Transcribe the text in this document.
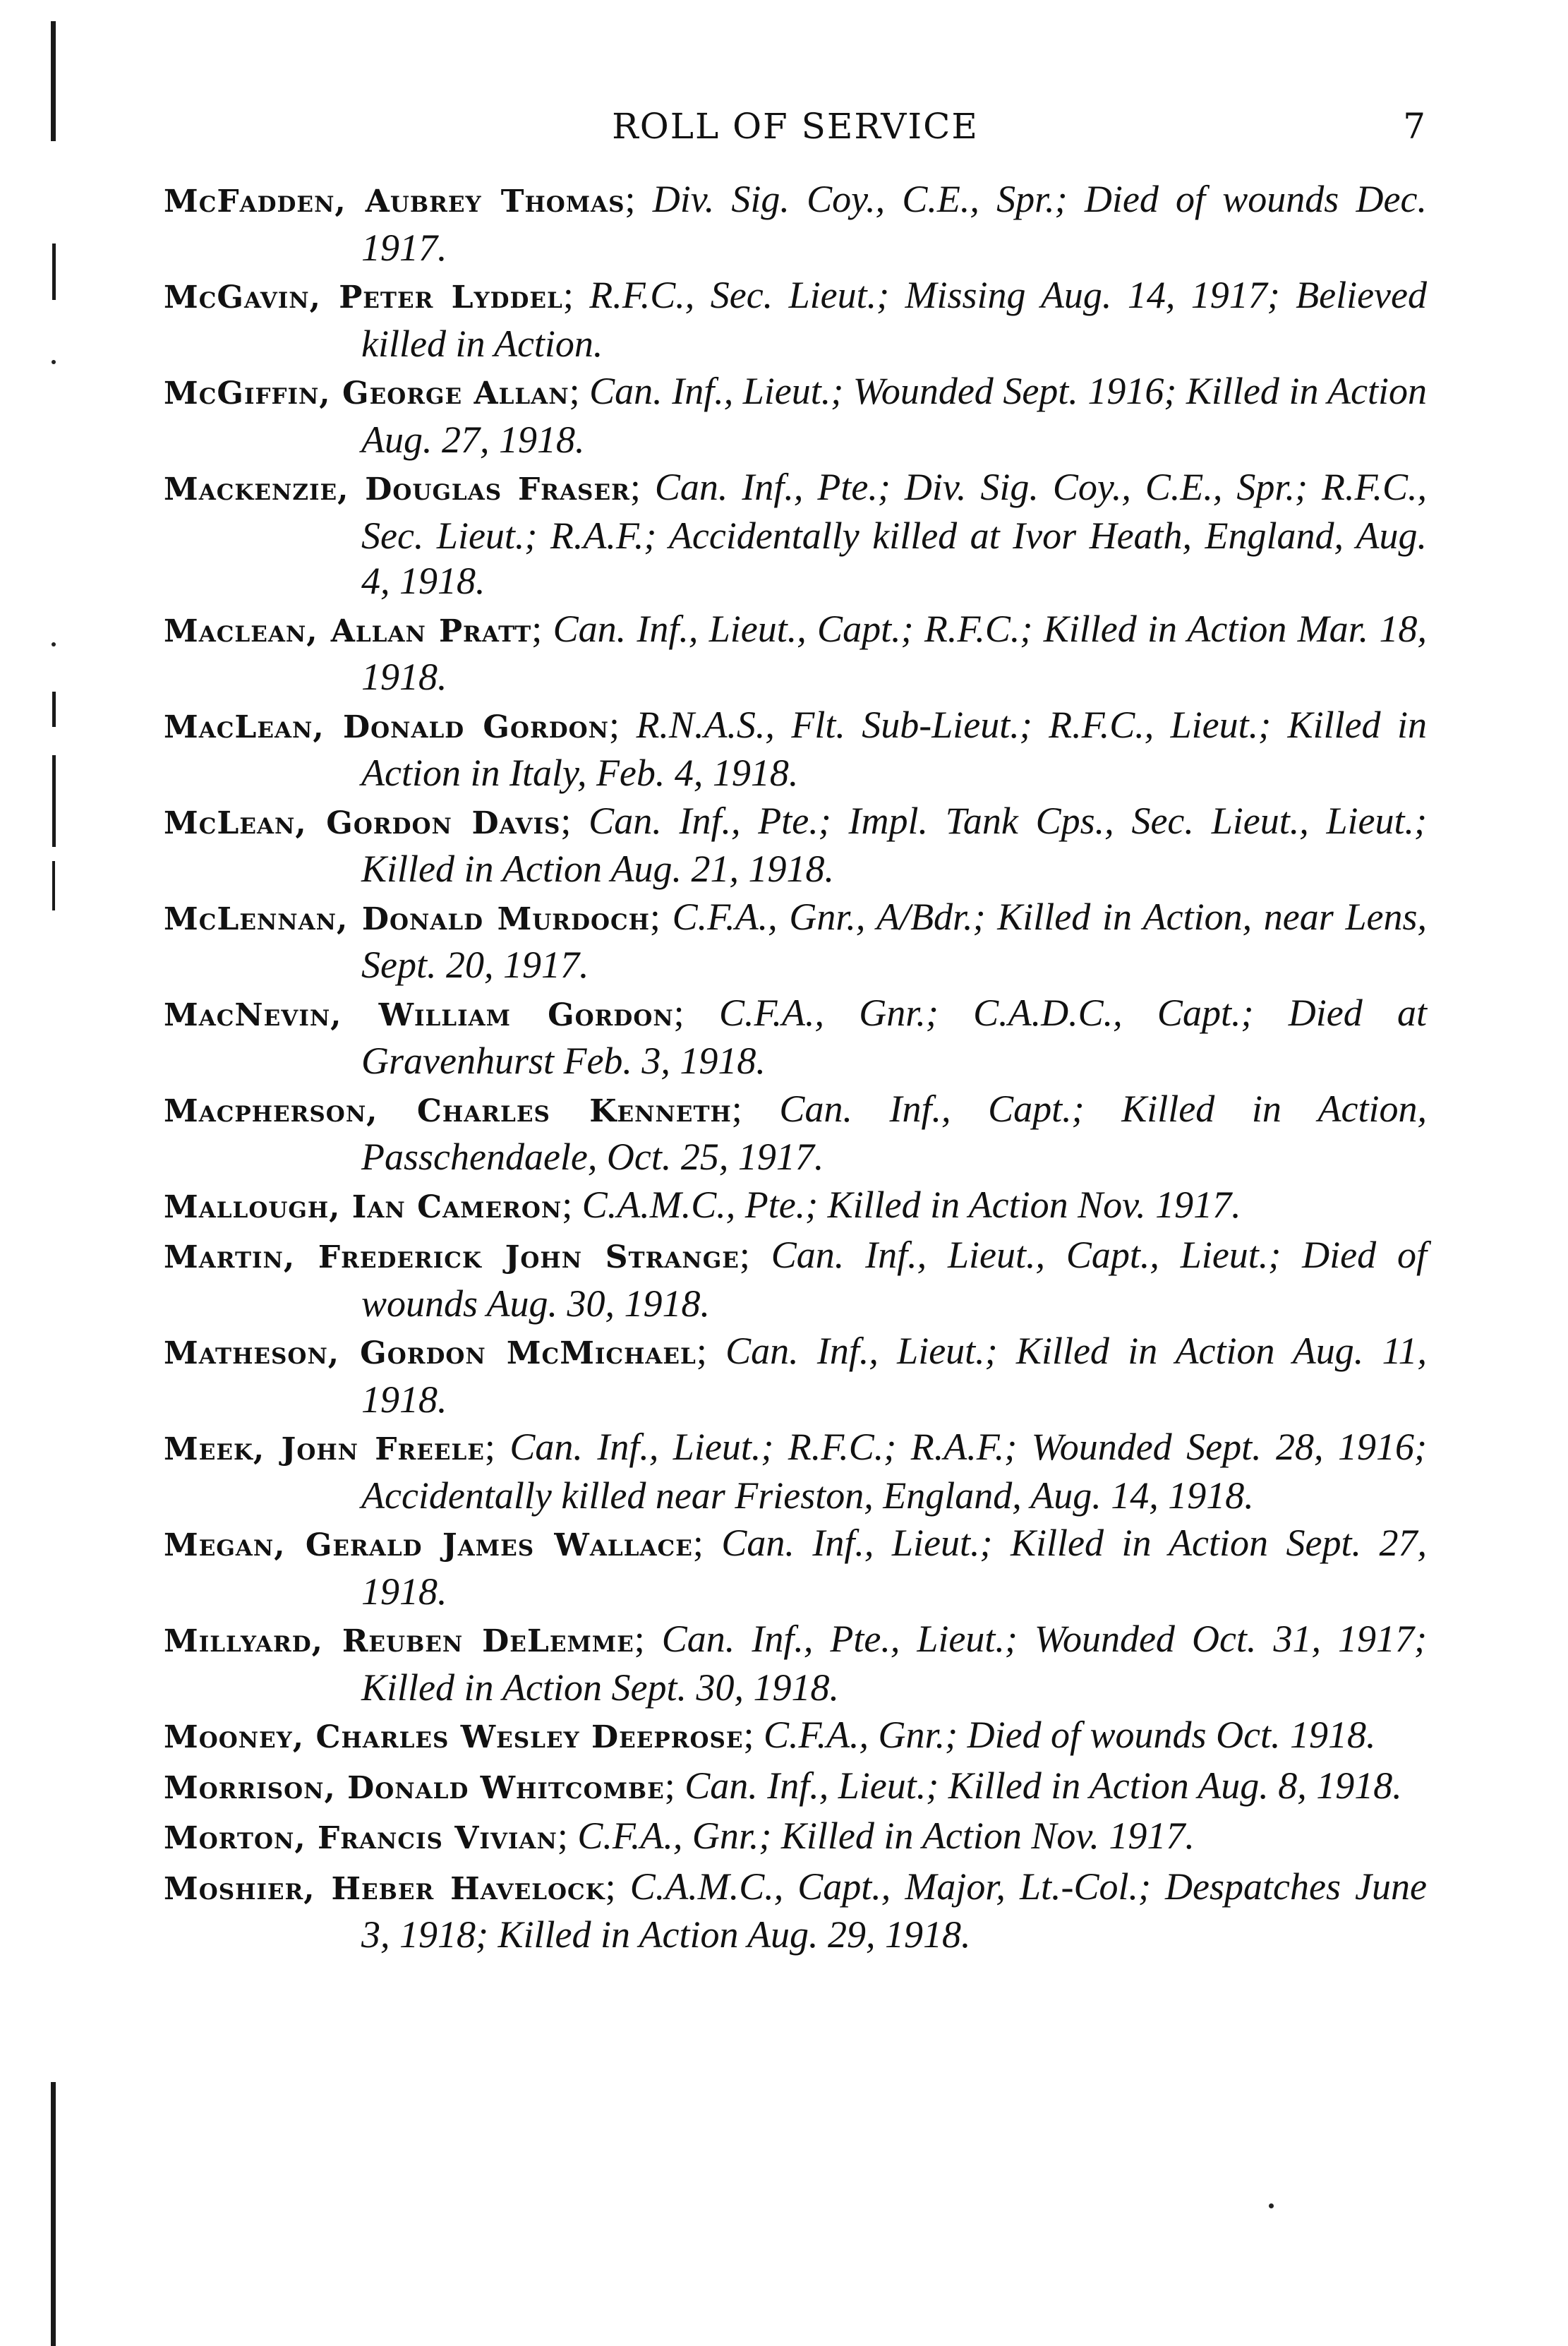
ROLL OF SERVICE	7

McFadden, Aubrey Thomas; Div. Sig. Coy., C.E., Spr.; Died of wounds Dec. 1917.

McGavin, Peter Lyddel; R.F.C., Sec. Lieut.; Missing Aug. 14, 1917; Believed killed in Action.

McGiffin, George Allan; Can. Inf., Lieut.; Wounded Sept. 1916; Killed in Action Aug. 27, 1918.

Mackenzie, Douglas Fraser; Can. Inf., Pte.; Div. Sig. Coy., C.E., Spr.; R.F.C., Sec. Lieut.; R.A.F.; Accidentally killed at Ivor Heath, England, Aug. 4, 1918.

Maclean, Allan Pratt; Can. Inf., Lieut., Capt.; R.F.C.; Killed in Action Mar. 18, 1918.

MacLean, Donald Gordon; R.N.A.S., Flt. Sub-Lieut.; R.F.C., Lieut.; Killed in Action in Italy, Feb. 4, 1918.

McLean, Gordon Davis; Can. Inf., Pte.; Impl. Tank Cps., Sec. Lieut., Lieut.; Killed in Action Aug. 21, 1918.

McLennan, Donald Murdoch; C.F.A., Gnr., A/Bdr.; Killed in Action, near Lens, Sept. 20, 1917.

MacNevin, William Gordon; C.F.A., Gnr.; C.A.D.C., Capt.; Died at Gravenhurst Feb. 3, 1918.

Macpherson, Charles Kenneth; Can. Inf., Capt.; Killed in Action, Passchendaele, Oct. 25, 1917.

Mallough, Ian Cameron; C.A.M.C., Pte.; Killed in Action Nov. 1917.

Martin, Frederick John Strange; Can. Inf., Lieut., Capt., Lieut.; Died of wounds Aug. 30, 1918.

Matheson, Gordon McMichael; Can. Inf., Lieut.; Killed in Action Aug. 11, 1918.

Meek, John Freele; Can. Inf., Lieut.; R.F.C.; R.A.F.; Wounded Sept. 28, 1916; Accidentally killed near Frieston, England, Aug. 14, 1918.

Megan, Gerald James Wallace; Can. Inf., Lieut.; Killed in Action Sept. 27, 1918.

Millyard, Reuben DeLemme; Can. Inf., Pte., Lieut.; Wounded Oct. 31, 1917; Killed in Action Sept. 30, 1918.

Mooney, Charles Wesley Deeprose; C.F.A., Gnr.; Died of wounds Oct. 1918.

Morrison, Donald Whitcombe; Can. Inf., Lieut.; Killed in Action Aug. 8, 1918.

Morton, Francis Vivian; C.F.A., Gnr.; Killed in Action Nov. 1917.

Moshier, Heber Havelock; C.A.M.C., Capt., Major, Lt.-Col.; Despatches June 3, 1918; Killed in Action Aug. 29, 1918.
